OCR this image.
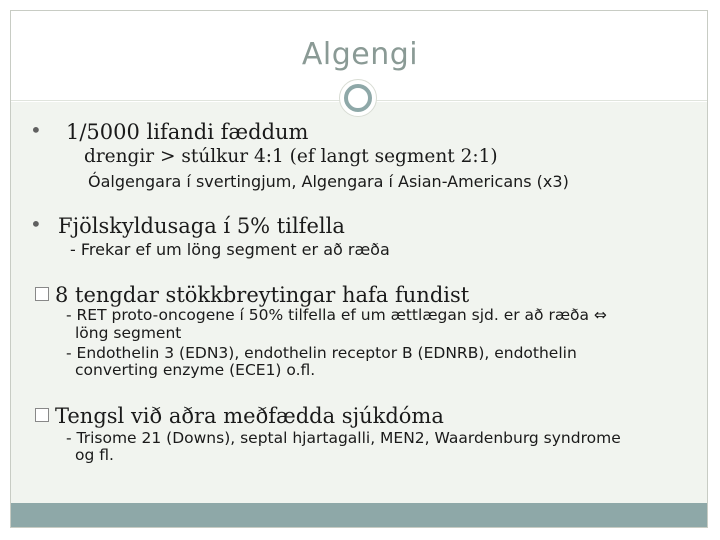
Algengi
• 1/5000 lifandi fæddum
drengir > stúlkur 4:1 (ef langt segment 2:1)
Óalgengara í svertingjum, Algengara í Asian-Americans (x3)
• Fjölskyldusaga í 5% tilfella
- Frekar ef um löng segment er að ræða
8 tengdar stökkbreytingar hafa fundist
- RET proto-oncogene í 50% tilfella ef um ættlægan sjd. er að ræða ⇔
löng segment
- Endothelin 3 (EDN3), endothelin receptor B (EDNRB), endothelin
converting enzyme (ECE1) o.fl.
Tengsl við aðra meðfædda sjúkdóma
- Trisome 21 (Downs), septal hjartagalli, MEN2, Waardenburg syndrome
og fl.
